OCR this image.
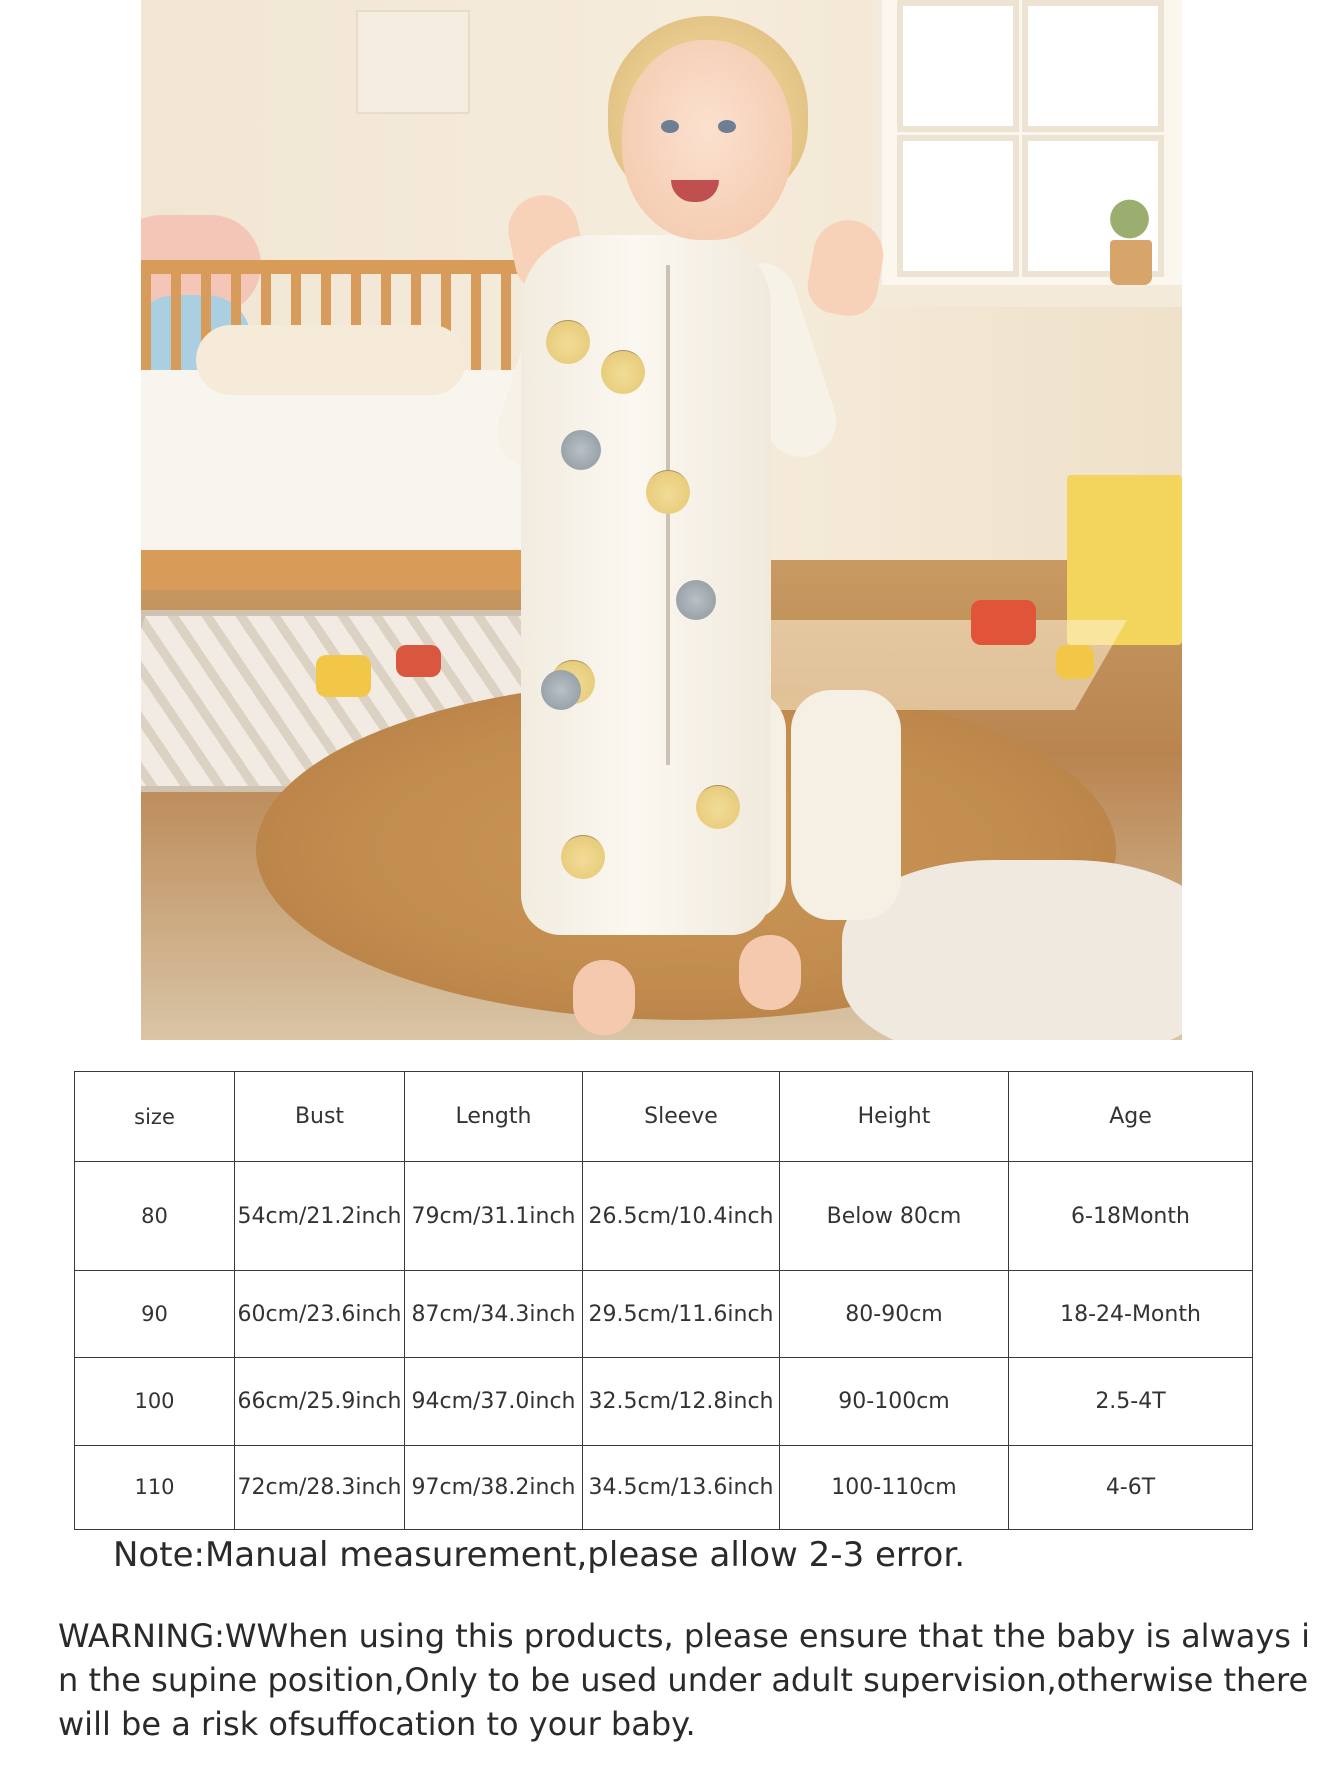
size	Bust	Length	Sleeve	Height	Age
80	54cm/21.2inch	79cm/31.1inch	26.5cm/10.4inch	Below 80cm	6-18Month
90	60cm/23.6inch	87cm/34.3inch	29.5cm/11.6inch	80-90cm	18-24-Month
100	66cm/25.9inch	94cm/37.0inch	32.5cm/12.8inch	90-100cm	2.5-4T
110	72cm/28.3inch	97cm/38.2inch	34.5cm/13.6inch	100-110cm	4-6T

Note:Manual measurement,please allow 2-3 error.

WARNING:WWhen using this products, please ensure that the baby is always in the supine position,Only to be used under adult supervision,otherwise there will be a risk ofsuffocation to your baby.
